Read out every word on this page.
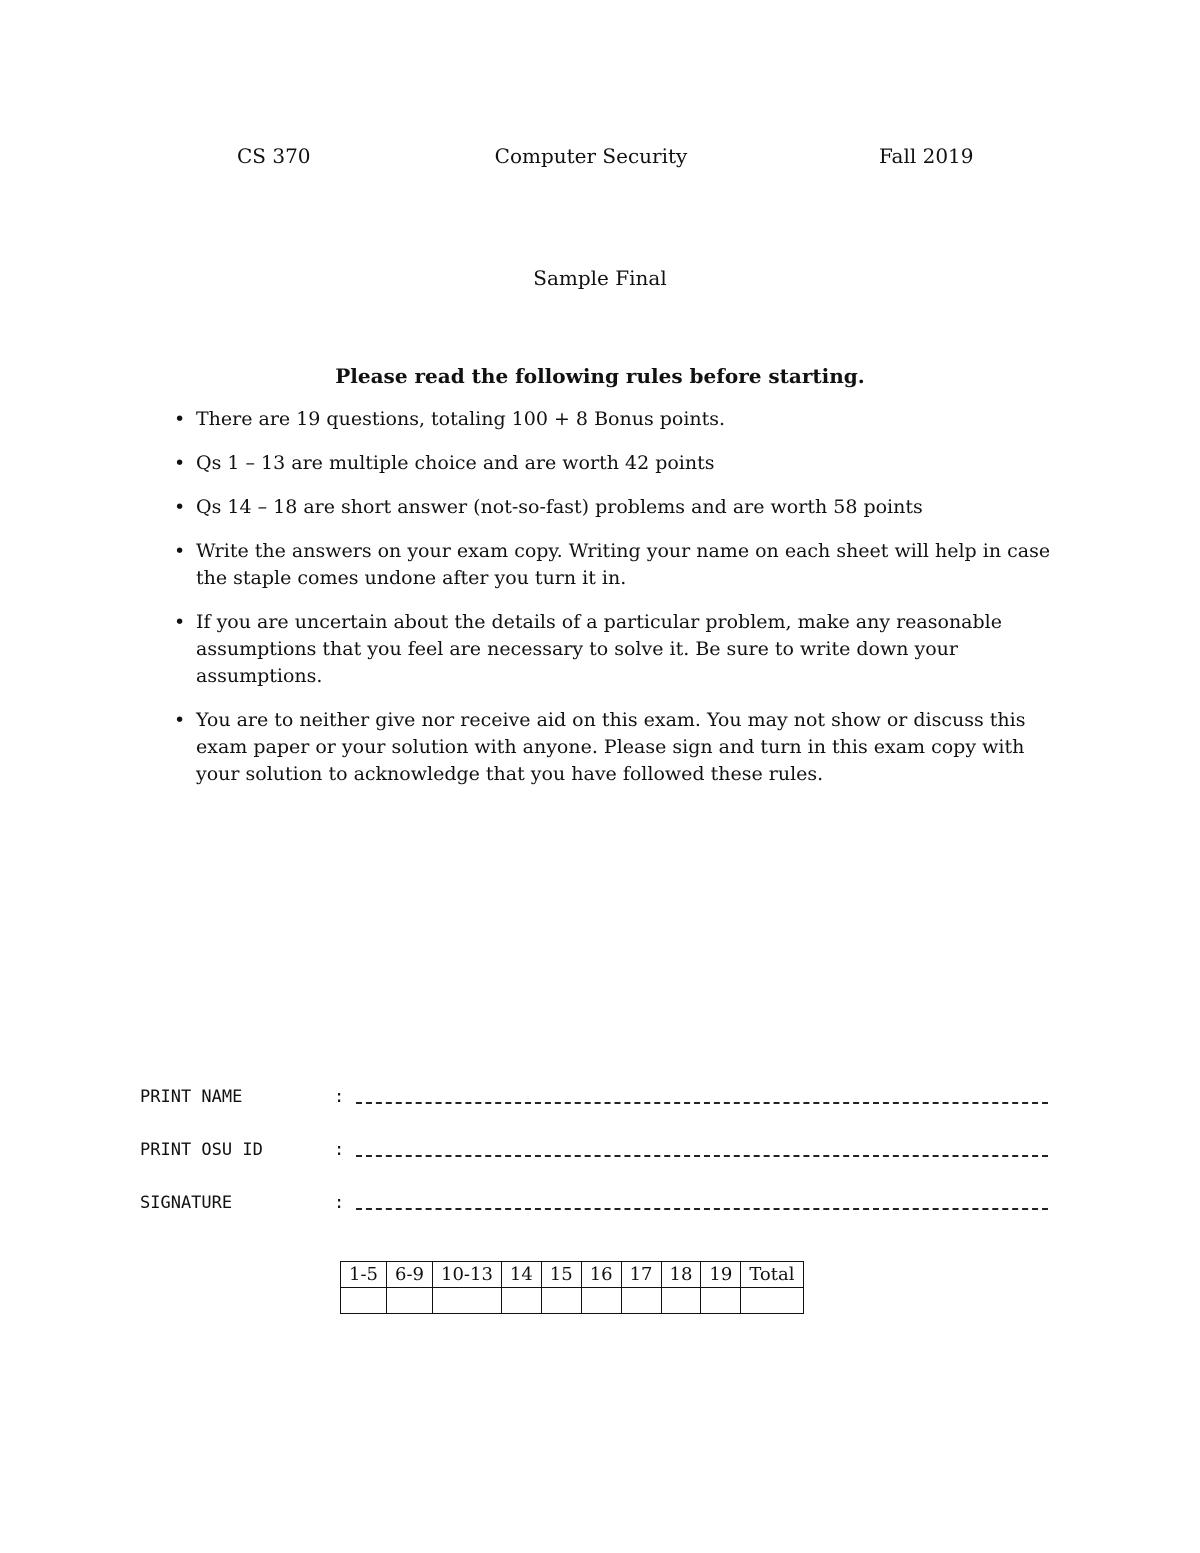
CS 370	Computer Security	Fall 2019
Sample Final
Please read the following rules before starting.
• There are 19 questions, totaling 100 + 8 Bonus points.
• Qs 1 – 13 are multiple choice and are worth 42 points
• Qs 14 – 18 are short answer (not-so-fast) problems and are worth 58 points
• Write the answers on your exam copy. Writing your name on each sheet will help in case the staple comes undone after you turn it in.
• If you are uncertain about the details of a particular problem, make any reasonable assumptions that you feel are necessary to solve it. Be sure to write down your assumptions.
• You are to neither give nor receive aid on this exam. You may not show or discuss this exam paper or your solution with anyone. Please sign and turn in this exam copy with your solution to acknowledge that you have followed these rules.
PRINT NAME	:
PRINT OSU ID	:
SIGNATURE	:
1-5	6-9	10-13	14	15	16	17	18	19	Total
